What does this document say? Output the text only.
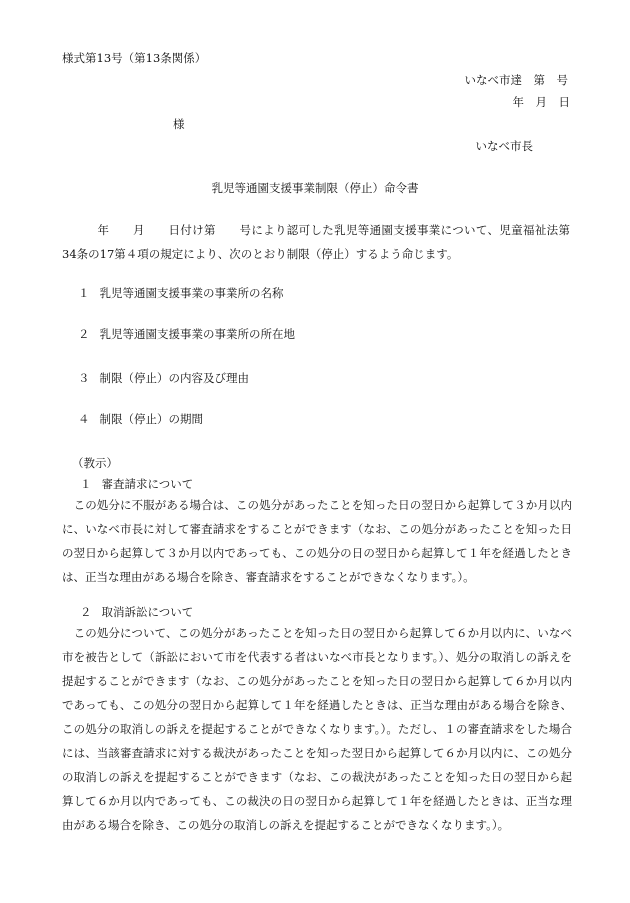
様式第13号（第13条関係）
いなべ市達　第　号
年　月　日
様
いなべ市長
乳児等通園支援事業制限（停止）命令書
　　　年　　月　　日付け第　　号により認可した乳児等通園支援事業について、児童福祉法第34条の17第４項の規定により、次のとおり制限（停止）するよう命じます。
１ 乳児等通園支援事業の事業所の名称
２ 乳児等通園支援事業の事業所の所在地
３ 制限（停止）の内容及び理由
４ 制限（停止）の期間
（教示）
１ 審査請求について
　この処分に不服がある場合は、この処分があったことを知った日の翌日から起算して３か月以内に、いなべ市長に対して審査請求をすることができます（なお、この処分があったことを知った日の翌日から起算して３か月以内であっても、この処分の日の翌日から起算して１年を経過したときは、正当な理由がある場合を除き、審査請求をすることができなくなります。）。
２ 取消訴訟について
　この処分について、この処分があったことを知った日の翌日から起算して６か月以内に、いなべ市を被告として（訴訟において市を代表する者はいなべ市長となります。）、処分の取消しの訴えを提起することができます（なお、この処分があったことを知った日の翌日から起算して６か月以内であっても、この処分の翌日から起算して１年を経過したときは、正当な理由がある場合を除き、この処分の取消しの訴えを提起することができなくなります。）。ただし、１の審査請求をした場合には、当該審査請求に対する裁決があったことを知った翌日から起算して６か月以内に、この処分の取消しの訴えを提起することができます（なお、この裁決があったことを知った日の翌日から起算して６か月以内であっても、この裁決の日の翌日から起算して１年を経過したときは、正当な理由がある場合を除き、この処分の取消しの訴えを提起することができなくなります。）。
